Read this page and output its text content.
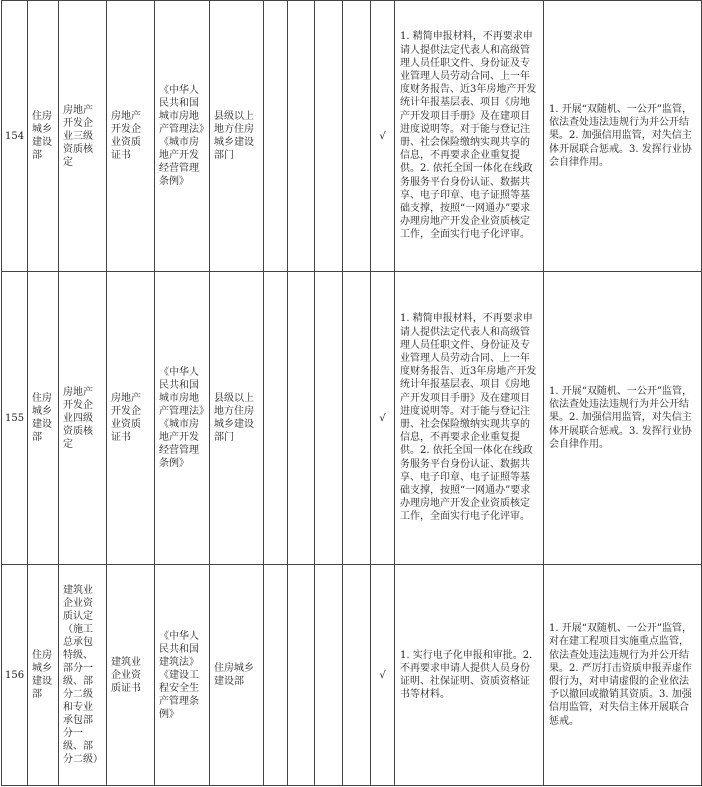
154	住房城乡建设部	房地产开发企业三级资质核定	房地产开发企业资质证书	《中华人民共和国城市房地产管理法》《城市房地产开发经营管理条例》	县级以上地方住房城乡建设部门					√	1. 精简申报材料，不再要求申请人提供法定代表人和高级管理人员任职文件、身份证及专业管理人员劳动合同、上一年度财务报告、近3年房地产开发统计年报基层表、项目《房地产开发项目手册》及在建项目进度说明等。对于能与登记注册、社会保险缴纳实现共享的信息，不再要求企业重复提供。2. 依托全国一体化在线政务服务平台身份认证、数据共享、电子印章、电子证照等基础支撑，按照“一网通办”要求办理房地产开发企业资质核定工作，全面实行电子化评审。	1. 开展“双随机、一公开”监管，依法查处违法违规行为并公开结果。2. 加强信用监管，对失信主体开展联合惩戒。3. 发挥行业协会自律作用。
155	住房城乡建设部	房地产开发企业四级资质核定	房地产开发企业资质证书	《中华人民共和国城市房地产管理法》《城市房地产开发经营管理条例》	县级以上地方住房城乡建设部门					√	1. 精简申报材料，不再要求申请人提供法定代表人和高级管理人员任职文件、身份证及专业管理人员劳动合同、上一年度财务报告、近3年房地产开发统计年报基层表、项目《房地产开发项目手册》及在建项目进度说明等。对于能与登记注册、社会保险缴纳实现共享的信息，不再要求企业重复提供。2. 依托全国一体化在线政务服务平台身份认证、数据共享、电子印章、电子证照等基础支撑，按照“一网通办”要求办理房地产开发企业资质核定工作，全面实行电子化评审。	1. 开展“双随机、一公开”监管，依法查处违法违规行为并公开结果。2. 加强信用监管，对失信主体开展联合惩戒。3. 发挥行业协会自律作用。
156	住房城乡建设部	建筑业企业资质认定（施工总承包特级、部分一级、部分二级和专业承包部分一级、部分二级）	建筑业企业资质证书	《中华人民共和国建筑法》《建设工程安全生产管理条例》	住房城乡建设部					√	1. 实行电子化申报和审批。2. 不再要求申请人提供人员身份证明、社保证明、资质资格证书等材料。	1. 开展“双随机、一公开”监管，对在建工程项目实施重点监管，依法查处违法违规行为并公开结果。2. 严厉打击资质申报弄虚作假行为，对申请虚假的企业依法予以撤回或撤销其资质。3. 加强信用监管，对失信主体开展联合惩戒。
